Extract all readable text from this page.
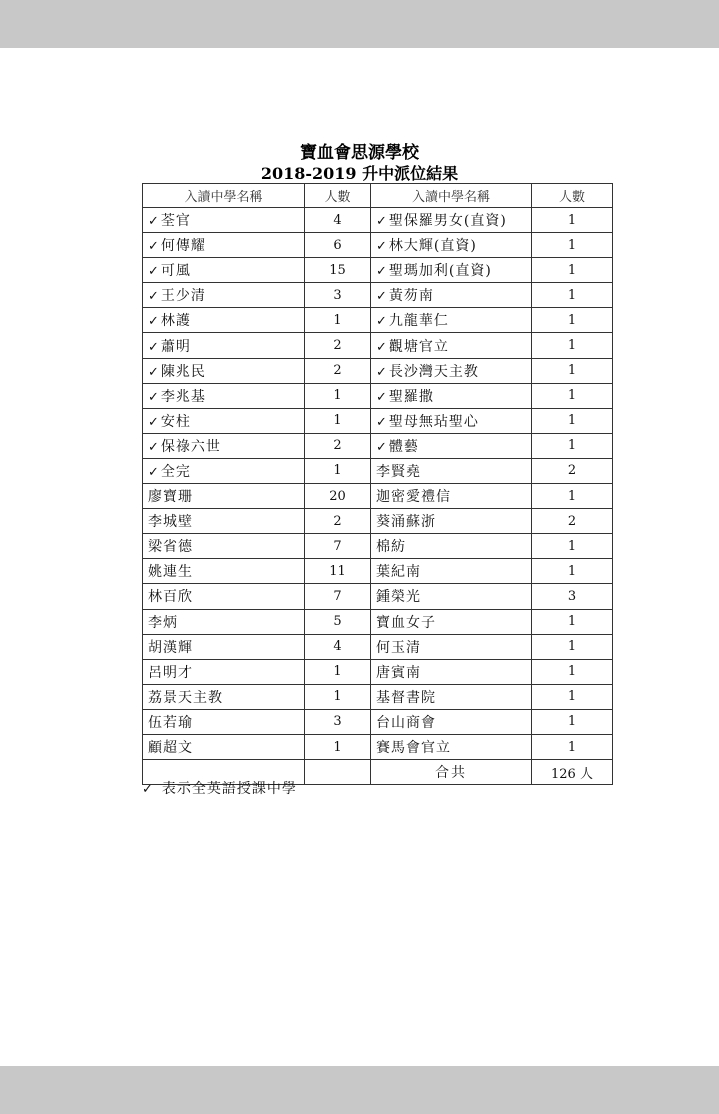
寶血會思源學校
2018-2019 升中派位結果
入讀中學名稱	人數	入讀中學名稱	人數
✓荃官	4	✓聖保羅男女(直資)	1
✓何傳耀	6	✓林大輝(直資)	1
✓可風	15	✓聖瑪加利(直資)	1
✓王少清	3	✓黃芴南	1
✓林護	1	✓九龍華仁	1
✓蕭明	2	✓觀塘官立	1
✓陳兆民	2	✓長沙灣天主教	1
✓李兆基	1	✓聖羅撒	1
✓安柱	1	✓聖母無玷聖心	1
✓保祿六世	2	✓體藝	1
✓全完	1	李賢堯	2
廖寶珊	20	迦密愛禮信	1
李城壁	2	葵涌蘇浙	2
梁省德	7	棉紡	1
姚連生	11	葉紀南	1
林百欣	7	鍾榮光	3
李炳	5	寶血女子	1
胡漢輝	4	何玉清	1
呂明才	1	唐賓南	1
荔景天主教	1	基督書院	1
伍若瑜	3	台山商會	1
顧超文	1	賽馬會官立	1
		合共	126 人
✓ 表示全英語授課中學
